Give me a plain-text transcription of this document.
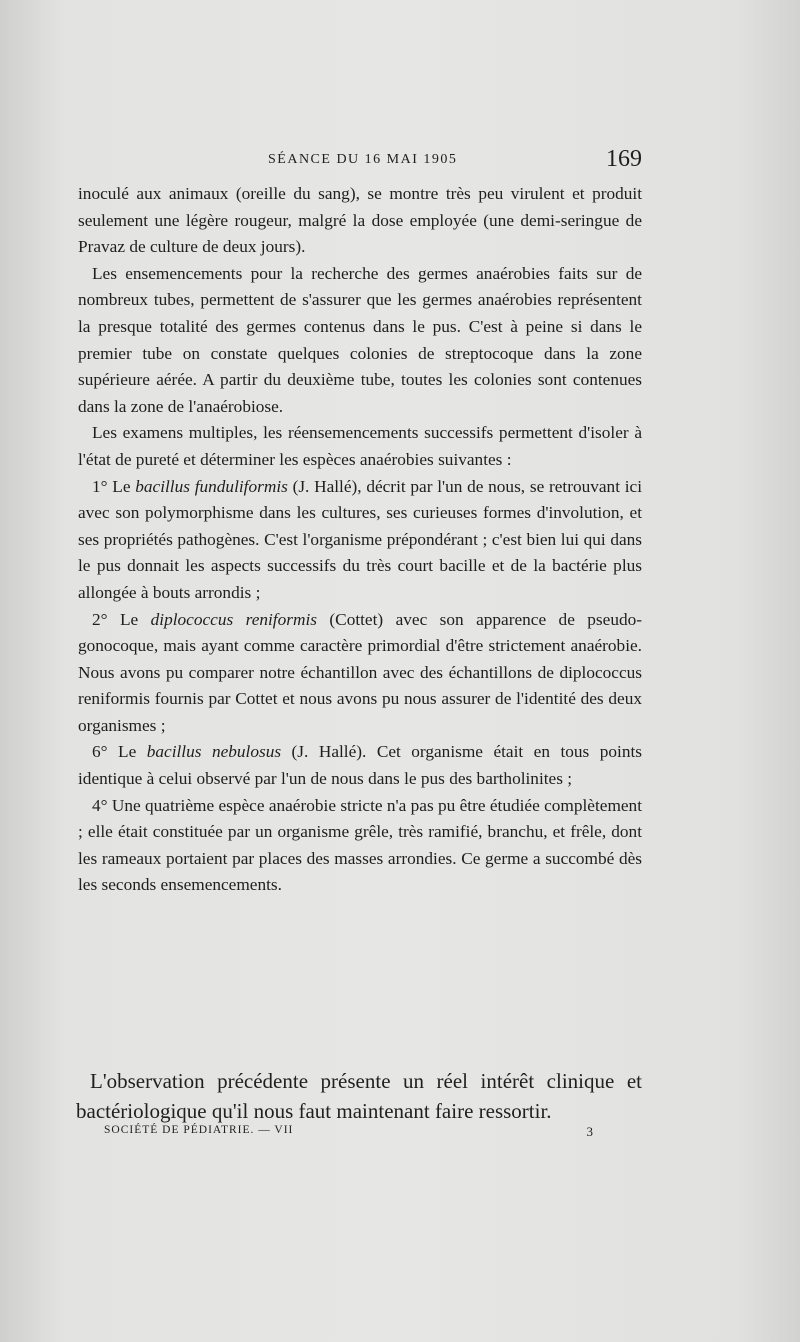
SÉANCE DU 16 MAI 1905	169

inoculé aux animaux (oreille du sang), se montre très peu virulent et produit seulement une légère rougeur, malgré la dose employée (une demi-seringue de Pravaz de culture de deux jours).

Les ensemencements pour la recherche des germes anaérobies faits sur de nombreux tubes, permettent de s'assurer que les germes anaérobies représentent la presque totalité des germes contenus dans le pus. C'est à peine si dans le premier tube on constate quelques colonies de streptocoque dans la zone supérieure aérée. A partir du deuxième tube, toutes les colonies sont contenues dans la zone de l'anaérobiose.

Les examens multiples, les réensemencements successifs permettent d'isoler à l'état de pureté et déterminer les espèces anaérobies suivantes :

1° Le bacillus funduliformis (J. Hallé), décrit par l'un de nous, se retrouvant ici avec son polymorphisme dans les cultures, ses curieuses formes d'involution, et ses propriétés pathogènes. C'est l'organisme prépondérant ; c'est bien lui qui dans le pus donnait les aspects successifs du très court bacille et de la bactérie plus allongée à bouts arrondis ;

2° Le diplococcus reniformis (Cottet) avec son apparence de pseudo-gonocoque, mais ayant comme caractère primordial d'être strictement anaérobie. Nous avons pu comparer notre échantillon avec des échantillons de diplococcus reniformis fournis par Cottet et nous avons pu nous assurer de l'identité des deux organismes ;

6° Le bacillus nebulosus (J. Hallé). Cet organisme était en tous points identique à celui observé par l'un de nous dans le pus des bartholinites ;

4° Une quatrième espèce anaérobie stricte n'a pas pu être étudiée complètement ; elle était constituée par un organisme grêle, très ramifié, branchu, et frêle, dont les rameaux portaient par places des masses arrondies. Ce germe a succombé dès les seconds ensemencements.

L'observation précédente présente un réel intérêt clinique et bactériologique qu'il nous faut maintenant faire ressortir.

SOCIÉTÉ DE PÉDIATRIE. — VII	3
